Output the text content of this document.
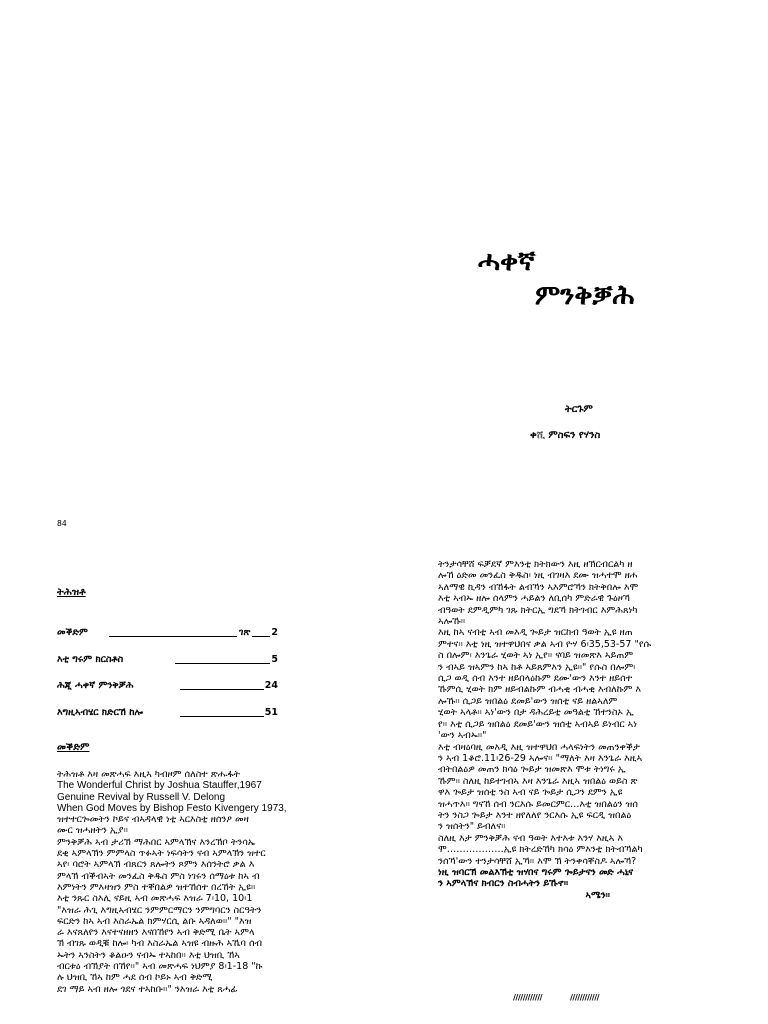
ሓቀኛ
ምንቅቓሕ
ትርጉም
ቀሺ ምስፍን የሃንስ
84
ትሕዝቶ
መቕድም	ገጽ 2
እቲ ግሩም ክርስቶስ	5
ሕጂ ሓቀኛ ምንቅቓሕ	24
እግዚኣብሄር ክድርኸ ከሎ	51
መቕድም
ትሕዝቶ እዛ መጽሓፍ እዚኣ ካብዞም ሰለስተ ጽሑፋት
The Wonderful Christ by Joshua Stauffer,1967
Genuine Revival by Russell V. Delong
When God Moves by Bishop Festo Kivengery 1973,
ዝተተርጐመትን ኮይና ብኣዳላዊ ነቲ ኣርእስቲ ዘሰንዖ መዛ
ሙር ዝሓዘትን ኢያ።
ምንቅቓሕ ኣብ ታሪኽ ማሕበር ኣምላኽና እንረኽቦ ትንሳኤ
ደቂ ኣምላኽን ምምላስ ጥፉኣት ነፍሳትን ናብ ኣምላኽን ዝተር
ኣየ፡ ባሮት ኣምላኽ ብጸርን ጸሎትን ጾምን እሰንትሮ ቃል እ
ምላኽ ብቕብኣት መንፈስ ቅዱስ ምስ ነገሩን ሰማዕቱ ከኣ ብ
እምነትን ምእዛዝን ምስ ተቐበልዎ ዝተኸሰተ በረኸት ኢዩ።
እቲ ንጹር ስእሊ ናይዚ ኣብ መጽሓፍ እዝራ 7፡10, 10፡1
"እዝራ ሕጊ እግዚኣብሄር ንምምርማርን ንምግባርን ስርዓትን
ፍርድን ከኣ ኣብ እስራኤል ክምሃርሲ ልቡ ኣዳለወ።" "እዝ
ራ እናጸለየን እናተናዘዘን እናበኸየን ኣብ ቅድሚ ቤት ኣምላ
ኽ ብገጹ ወዲቑ ከሎ፡ ካብ እስራኤል ኣዝዩ ብዙሕ ኣኼባ ሰብ
ኡትን ኣንስትን ቆልዑን ናብኡ ተኣከበ። እቲ ህዝቢ ኸኣ
ብርቱዕ ብኽያት በኸየ።" ኣብ መጽሓፍ ነህምያ 8፡1-18 "ኩ
ሉ ህዝቢ ኸኣ ከም ሓደ ሰብ ኮይኑ ኣብ ቅድሚ
ደገ ማይ ኣብ ዘሎ ጎደና ተኣከቡ።" ንእዝራ እቲ ጸሓፊ
ትንታሳቸሸ ፍቓደኛ ምእንቲ ክትክውን እዚ ዘኽርብርልካ ዘ
ሎኸ ዕድመ መንፈስ ቅዱስ፡ ነዚ ብገዛእ ደሙ ዝሓተሞ ዘሐ
ኣለማዊ ኪዳን ብኸፋት ልብኻን ኣእምሮኻን ክትቅበሎ እሞ
እቲ ኣብኡ ዘሎ ሰላምን ሓይልን ለቢሰካ ምድራዊ ጉዕዞኻ
ብዓወት ደምዲምካ ገጹ ክትርኢ ግደኻ ክትገብር እምሕጸነካ
ኣሎኹ።
እዚ ከኣ ናብቲ ኣብ መእዲ ጐይታ ዝርከብ ዓወት ኢዩ ዘጠ
ምተና። እቲ ነዚ ዝተዋህበና ቃል ኣብ ዮሃ 6፡35,53-57 "የሱ
ስ በሎም፡ እንጌራ ሂወት ኣነ ኢየ። ናባይ ዝመጽእ ኣይጠም
ን ብኣይ ዝኣምን ከኣ ከቶ ኣይጸምእን ኢዩ።" የሱስ በሎም፡
ሲጋ ወዲ ሰብ እንተ ዘይበላዕኩም ደሙ'ውን እንተ ዘይሰተ
ኹምሲ ሂወት ክም ዘይብልኩም ብሓቂ ብሓቂ እብለኩም እ
ሎኹ። ሲጋይ ዝበልዕ ደመይ'ውን ዝሰቲ ናይ ዘልኣለም
ሂወት ኣላቶ። ኣነ'ውን በታ ዳሕረይቲ መዓልቲ ኸተንስኦ ኢ
የ። እቲ ሲጋይ ዝበልዕ ደመይ'ውን ዝሰቲ ኣብኣይ ይነብር ኣነ
'ውን ኣብኡ።"
እቲ ብዛዕባዚ መእዲ እዚ ዝተዋህበ ሓላፍነትን መጠንቀቕታ
ን ኣብ 1ቆሮ.11፡26-29 ኣሎና። "ማለት እዛ እንጌራ እዚኣ
ብትበልዕዎ መጠን ክሳዕ ጐይታ ዝመጽእ ሞቱ ትነግሩ ኢ
ኹም። ስለዚ ከይተገብኣ እዛ እንጌራ እዚኣ ዝበልዕ ወይስ ጽ
ዋእ ጐይታ ዝሰቲ ንስ ኣብ ናይ ጐይታ ሲጋን ደምን ኢዩ
ዝሓጥእ። ግናኸ ሰብ ንርእሱ ይመርምር…እቲ ዝበልዕን ዝሰ
ትን ንስጋ ጐይታ እንተ ዘየለለየ ንርእሱ ኢዩ ፍርዲ ዝበልዕ
ን ዝሰትን" ይብለና።
ስለዚ እታ ምንቅቓሕ ናብ ዓወት እተእቱ እንሃ እዚኣ እ
ሞ………………ኢዩ ክትረድኸካ ክሳዕ ምእንቲ ክትብኻልካ
ንሰኻ'ውን ተንታሳቸሸ ኢኻ። እሞ ኽ ትንቀሳቐስዶ ኣሎኻ?
ነዚ ዝባርኽ መልእኽቲ ዝሃበና ግሩም ጐይታናን መድ ሓኒና
ን ኣምላኽና ክብርን ስብሓትን ይኹኖ።
ኣሜን።
////////////	////////////
